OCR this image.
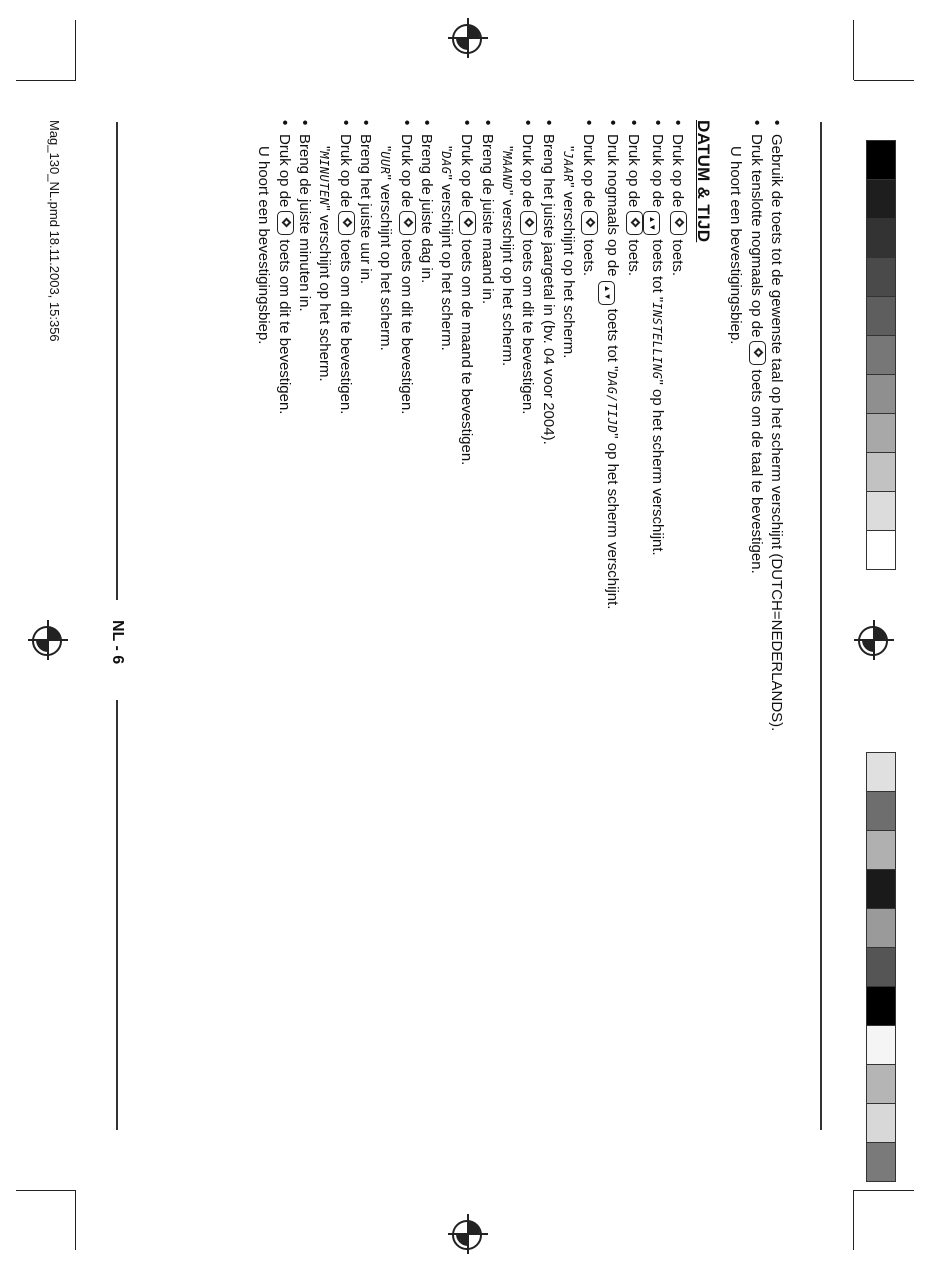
•Gebruik de toets tot de gewenste taal op het scherm verschijnt (DUTCH=NEDERLANDS).
•Druk tenslotte nogmaals op detoets om de taal te bevestigen.
U hoort een bevestigingsbiep.
DATUM & TIJD
•Druk op detoets.
•Druk op de▲▼toets tot "INSTELLING" op het scherm verschijnt.
•Druk op detoets.
•Druk nogmaals op de▲▼toets tot "DAG/TIJD" op het scherm verschijnt.
•Druk op detoets.
"JAAR" verschijnt op het scherm.
•Breng het juiste jaargetal in (bv. 04 voor 2004).
•Druk op detoets om dit te bevestigen.
"MAAND" verschijnt op het scherm.
•Breng de juiste maand in.
•Druk op detoets om de maand te bevestigen.
"DAG" verschijnt op het scherm.
•Breng de juiste dag in.
•Druk op detoets om dit te bevestigen.
"UUR" verschijnt op het scherm.
•Breng het juiste uur in.
•Druk op detoets om dit te bevestigen.
"MINUTEN" verschijnt op het scherm.
•Breng de juiste minuten in.
•Druk op detoets om dit te bevestigen.
U hoort een bevestigingsbiep.
NL - 6
Mag_130_NL.pmd 18.11.2003, 15:356
